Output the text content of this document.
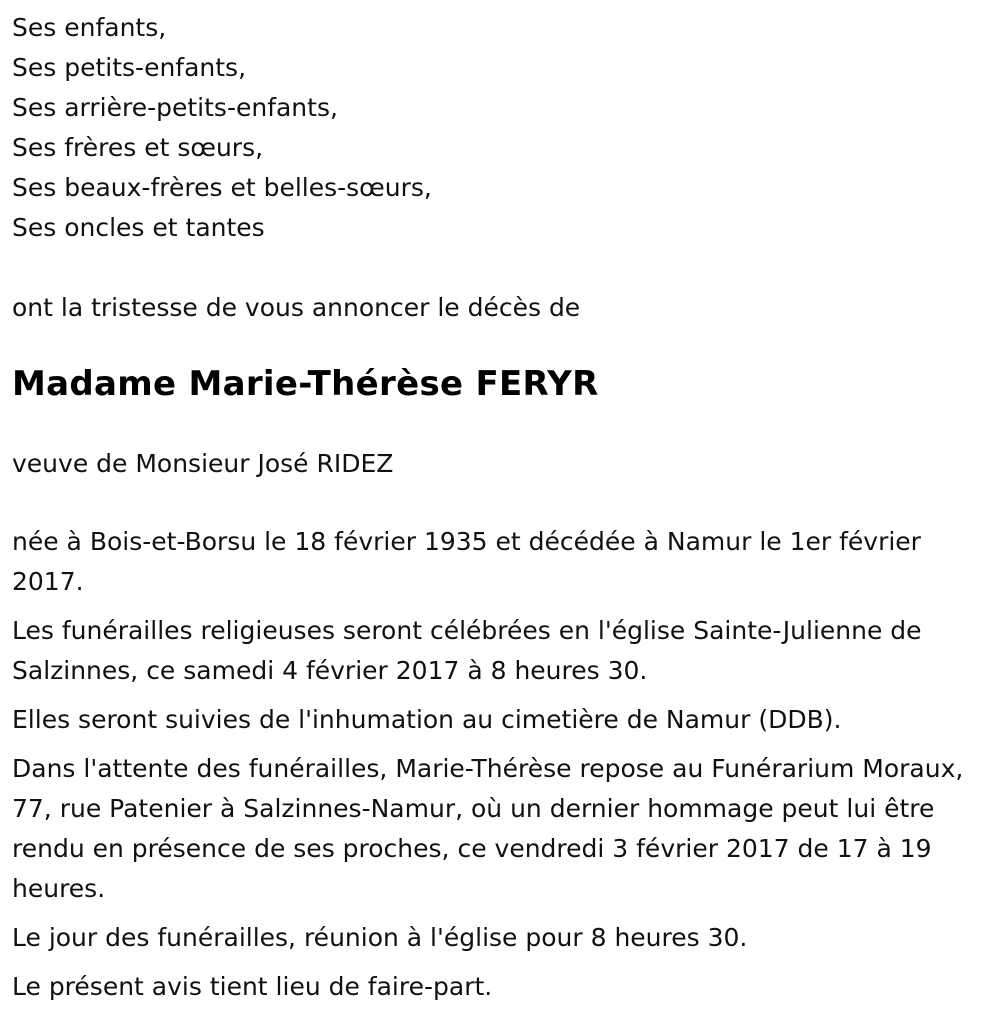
Ses enfants,
Ses petits-enfants,
Ses arrière-petits-enfants,
Ses frères et sœurs,
Ses beaux-frères et belles-sœurs,
Ses oncles et tantes

ont la tristesse de vous annoncer le décès de

Madame Marie-Thérèse FERYR

veuve de Monsieur José RIDEZ

née à Bois-et-Borsu le 18 février 1935 et décédée à Namur le 1er février 2017.

Les funérailles religieuses seront célébrées en l'église Sainte-Julienne de Salzinnes, ce samedi 4 février 2017 à 8 heures 30.

Elles seront suivies de l'inhumation au cimetière de Namur (DDB).

Dans l'attente des funérailles, Marie-Thérèse repose au Funérarium Moraux, 77, rue Patenier à Salzinnes-Namur, où un dernier hommage peut lui être rendu en présence de ses proches, ce vendredi 3 février 2017 de 17 à 19 heures.

Le jour des funérailles, réunion à l'église pour 8 heures 30.

Le présent avis tient lieu de faire-part.
